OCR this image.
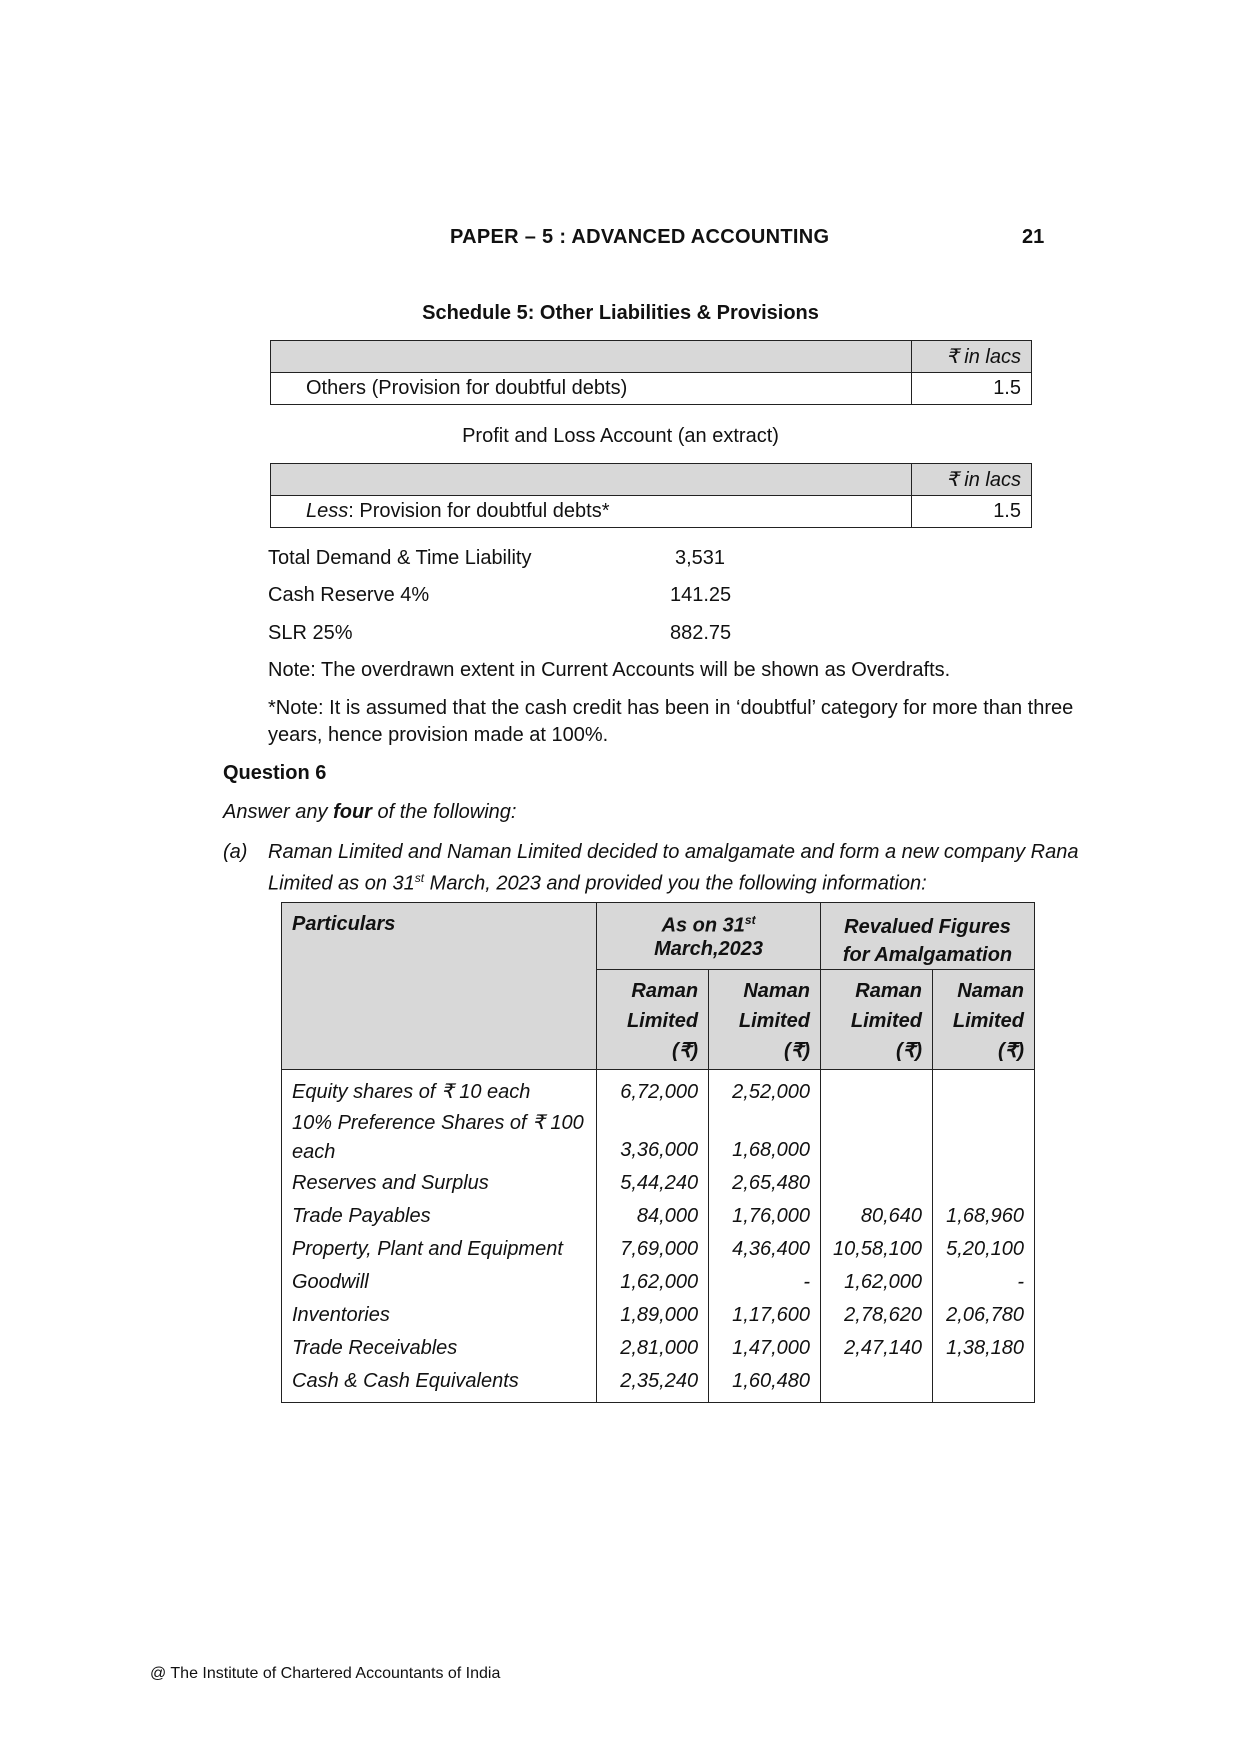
PAPER – 5 : ADVANCED ACCOUNTING	21
Schedule 5: Other Liabilities & Provisions
	₹ in lacs
Others (Provision for doubtful debts)	1.5
Profit and Loss Account (an extract)
	₹ in lacs
Less: Provision for doubtful debts*	1.5
Total Demand & Time Liability	3,531
Cash Reserve 4%	141.25
SLR 25%	882.75
Note: The overdrawn extent in Current Accounts will be shown as Overdrafts.
*Note: It is assumed that the cash credit has been in ‘doubtful’ category for more than three
years, hence provision made at 100%.
Question 6
Answer any four of the following:
(a) Raman Limited and Naman Limited decided to amalgamate and form a new company Rana
Limited as on 31st March, 2023 and provided you the following information:
Particulars	As on 31st March,2023		Revalued Figures
for Amalgamation	
	Raman
Limited
(₹)	Naman
Limited
(₹)	Raman
Limited
(₹)	Naman
Limited
(₹)
Equity shares of ₹ 10 each	6,72,000	2,52,000		
10% Preference Shares of ₹ 100
each	3,36,000	1,68,000		
Reserves and Surplus	5,44,240	2,65,480		
Trade Payables	84,000	1,76,000	80,640	1,68,960
Property, Plant and Equipment	7,69,000	4,36,400	10,58,100	5,20,100
Goodwill	1,62,000	-	1,62,000	-
Inventories	1,89,000	1,17,600	2,78,620	2,06,780
Trade Receivables	2,81,000	1,47,000	2,47,140	1,38,180
Cash & Cash Equivalents	2,35,240	1,60,480		
@ The Institute of Chartered Accountants of India
